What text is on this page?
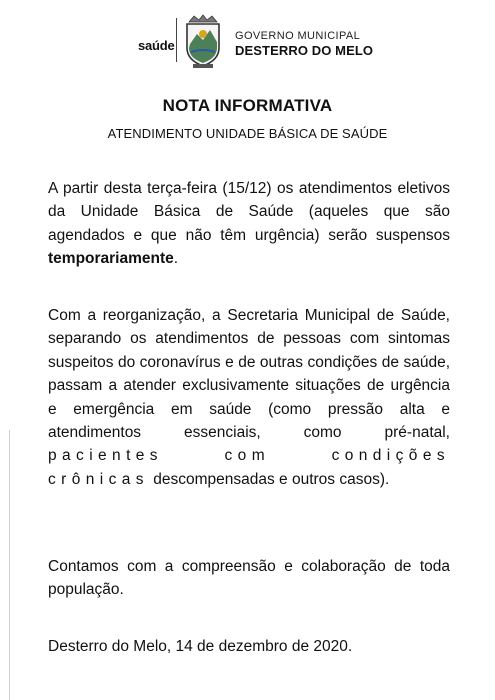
saúde
GOVERNO MUNICIPAL
DESTERRO DO MELO
NOTA INFORMATIVA
ATENDIMENTO UNIDADE BÁSICA DE SAÚDE
A partir desta terça-feira (15/12) os atendimentos eletivos da Unidade Básica de Saúde (aqueles que são agendados e que não têm urgência) serão suspensos temporariamente.
Com a reorganização, a Secretaria Municipal de Saúde, separando os atendimentos de pessoas com sintomas suspeitos do coronavírus e de outras condições de saúde, passam a atender exclusivamente situações de urgência e emergência em saúde (como pressão alta e atendimentos essenciais, como pré-natal, pacientes com condições crônicas descompensadas e outros casos).
Contamos com a compreensão e colaboração de toda população.
Desterro do Melo, 14 de dezembro de 2020.
